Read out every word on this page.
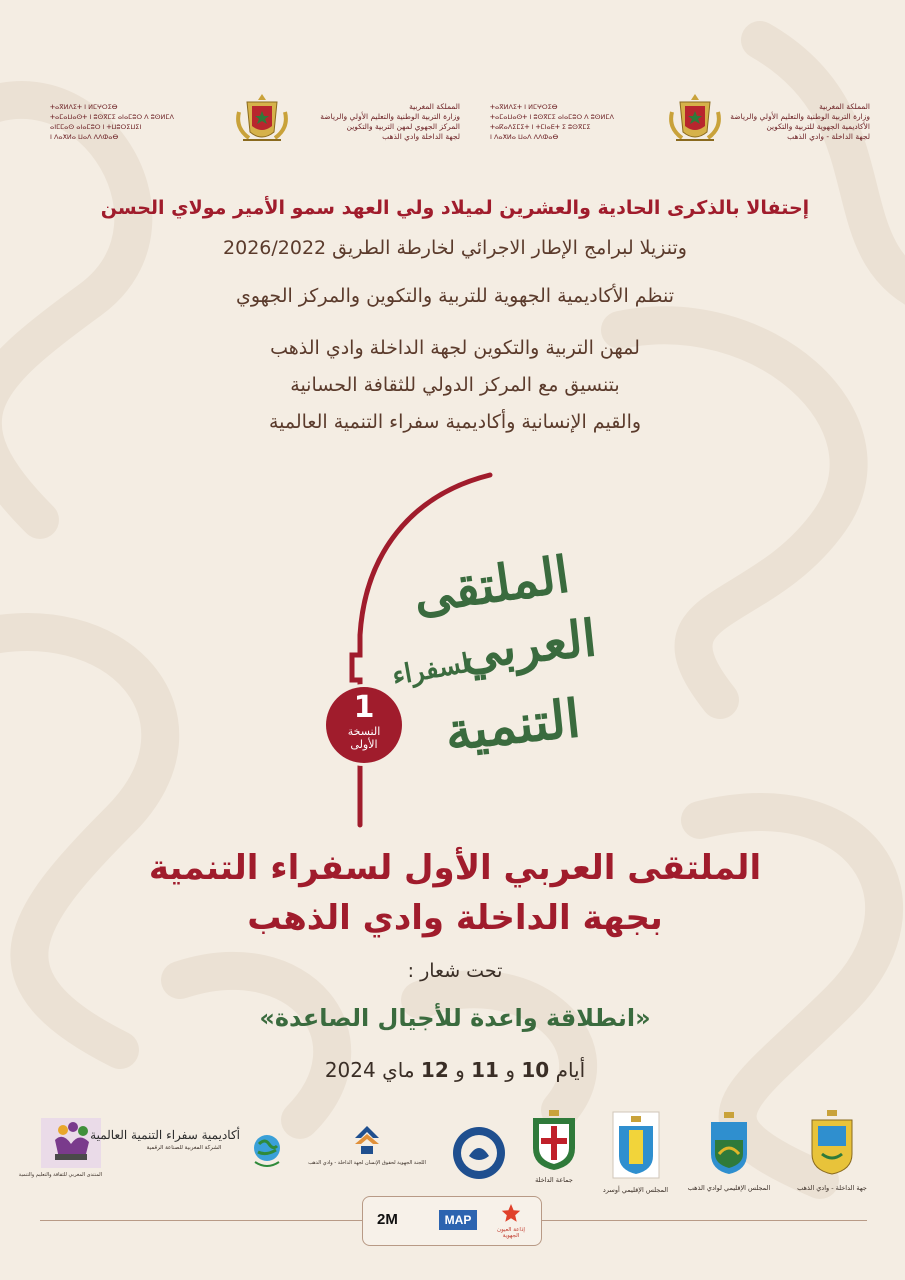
ⵜⴰⴳⵍⴷⵉⵜ ⵏ ⵍⵎⵖⵔⵉⴱ
ⵜⴰⵎⴰⵡⴰⵙⵜ ⵏ ⵓⵙⴳⵎⵉ ⴰⵏⴰⵎⵓⵔ ⴷ ⵓⵙⵍⵎⴷ
ⴰⵏⵎⵎⴰⵙ ⴰⵏⴰⵎⵓⵔ ⵏ ⵜⵡⵓⵔⵉⵡⵉⵏ
ⵏ ⴷⴰⵅⵍⴰ ⵡⴰⴷ ⴷⴷⵀⴰⴱ
المملكة المغربية
وزارة التربية الوطنية والتعليم الأولي والرياضة
المركز الجهوي لمهن التربية والتكوين
لجهة الداخلة وادي الذهب
ⵜⴰⴳⵍⴷⵉⵜ ⵏ ⵍⵎⵖⵔⵉⴱ
ⵜⴰⵎⴰⵡⴰⵙⵜ ⵏ ⵓⵙⴳⵎⵉ ⴰⵏⴰⵎⵓⵔ ⴷ ⵓⵙⵍⵎⴷ
ⵜⴰⴽⴰⴷⵉⵎⵉⵜ ⵏ ⵜⵎⵏⴰⴹⵜ ⵉ ⵓⵙⴳⵎⵉ
ⵏ ⴷⴰⵅⵍⴰ ⵡⴰⴷ ⴷⴷⵀⴰⴱ
المملكة المغربية
وزارة التربية الوطنية والتعليم الأولي والرياضة
الأكاديمية الجهوية للتربية والتكوين
لجهة الداخلة - وادي الذهب
إحتفالا بالذكرى الحادية والعشرين لميلاد ولي العهد سمو الأمير مولاي الحسن
وتنزيلا لبرامج الإطار الاجرائي لخارطة الطريق 2026/2022
تنظم الأكاديمية الجهوية للتربية والتكوين والمركز الجهوي
لمهن التربية والتكوين لجهة الداخلة وادي الذهب
بتنسيق مع المركز الدولي للثقافة الحسانية
والقيم الإنسانية وأكاديمية سفراء التنمية العالمية
الملتقى
العربي
لسفراء
التنمية
1
النسخة
الأولى
الملتقى العربي الأول لسفراء التنمية
بجهة الداخلة وادي الذهب
تحت شعار :
«انطلاقة واعدة للأجيال الصاعدة»
أيام 10 و 11 و 12 ماي 2024
المنتدى المغربي للثقافة والتعليم والتنمية
أكاديمية سفراء التنمية العالمية
الشركة المغربية للصناعة الرقمية
اللجنة الجهوية لحقوق الإنسان لجهة الداخلة - وادي الذهب
جماعة الداخلة
المجلس الإقليمي أوسرد	المجلس الإقليمي لوادي الذهب	جهة الداخلة - وادي الذهب
2M	MAP
إذاعة العيون الجهوية
